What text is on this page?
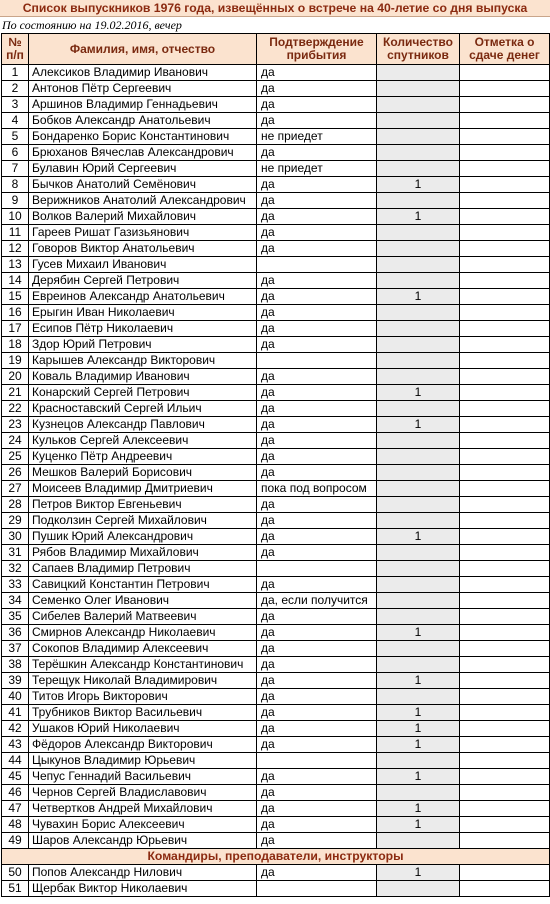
Список выпускников 1976 года, извещённых о встрече на 40-летие со дня выпуска
По состоянию на 19.02.2016, вечер
№
п/п	Фамилия, имя, отчество	Подтверждение
прибытия	Количество
спутников	Отметка о
сдаче денег
1	Алексиков Владимир Иванович	да		
2	Антонов Пётр Сергеевич	да		
3	Аршинов Владимир Геннадьевич	да		
4	Бобков Александр Анатольевич	да		
5	Бондаренко Борис Константинович	не приедет		
6	Брюханов Вячеслав Александрович	да		
7	Булавин Юрий Сергеевич	не приедет		
8	Бычков Анатолий Семёнович	да	1	
9	Верижников Анатолий Александрович	да		
10	Волков Валерий Михайлович	да	1	
11	Гареев Ришат Газизьянович	да		
12	Говоров Виктор Анатольевич	да		
13	Гусев Михаил Иванович			
14	Дерябин Сергей Петрович	да		
15	Евреинов Александр Анатольевич	да	1	
16	Ерыгин Иван Николаевич	да		
17	Есипов Пётр Николаевич	да		
18	Здор Юрий Петрович	да		
19	Карышев Александр Викторович			
20	Коваль Владимир Иванович	да		
21	Конарский Сергей Петрович	да	1	
22	Красноставский Сергей Ильич	да		
23	Кузнецов Александр Павлович	да	1	
24	Кульков Сергей Алексеевич	да		
25	Куценко Пётр Андреевич	да		
26	Мешков Валерий Борисович	да		
27	Моисеев Владимир Дмитриевич	пока под вопросом		
28	Петров Виктор Евгеньевич	да		
29	Подколзин Сергей Михайлович	да		
30	Пушик Юрий Александрович	да	1	
31	Рябов Владимир Михайлович	да		
32	Сапаев Владимир Петрович			
33	Савицкий Константин Петрович	да		
34	Семенко Олег Иванович	да, если получится		
35	Сибелев Валерий Матвеевич	да		
36	Смирнов Александр Николаевич	да	1	
37	Сокопов Владимир Алексеевич	да		
38	Терёшкин Александр Константинович	да		
39	Терещук Николай Владимирович	да	1	
40	Титов Игорь Викторович	да		
41	Трубников Виктор Васильевич	да	1	
42	Ушаков Юрий Николаевич	да	1	
43	Фёдоров Александр Викторович	да	1	
44	Цыкунов Владимир Юрьевич			
45	Чепус Геннадий Васильевич	да	1	
46	Чернов Сергей Владиславович	да		
47	Четвертков Андрей Михайлович	да	1	
48	Чувахин Борис Алексеевич	да	1	
49	Шаров Александр Юрьевич	да		
Командиры, преподаватели, инструкторы				
50	Попов Александр Нилович	да	1	
51	Щербак Виктор Николаевич			
